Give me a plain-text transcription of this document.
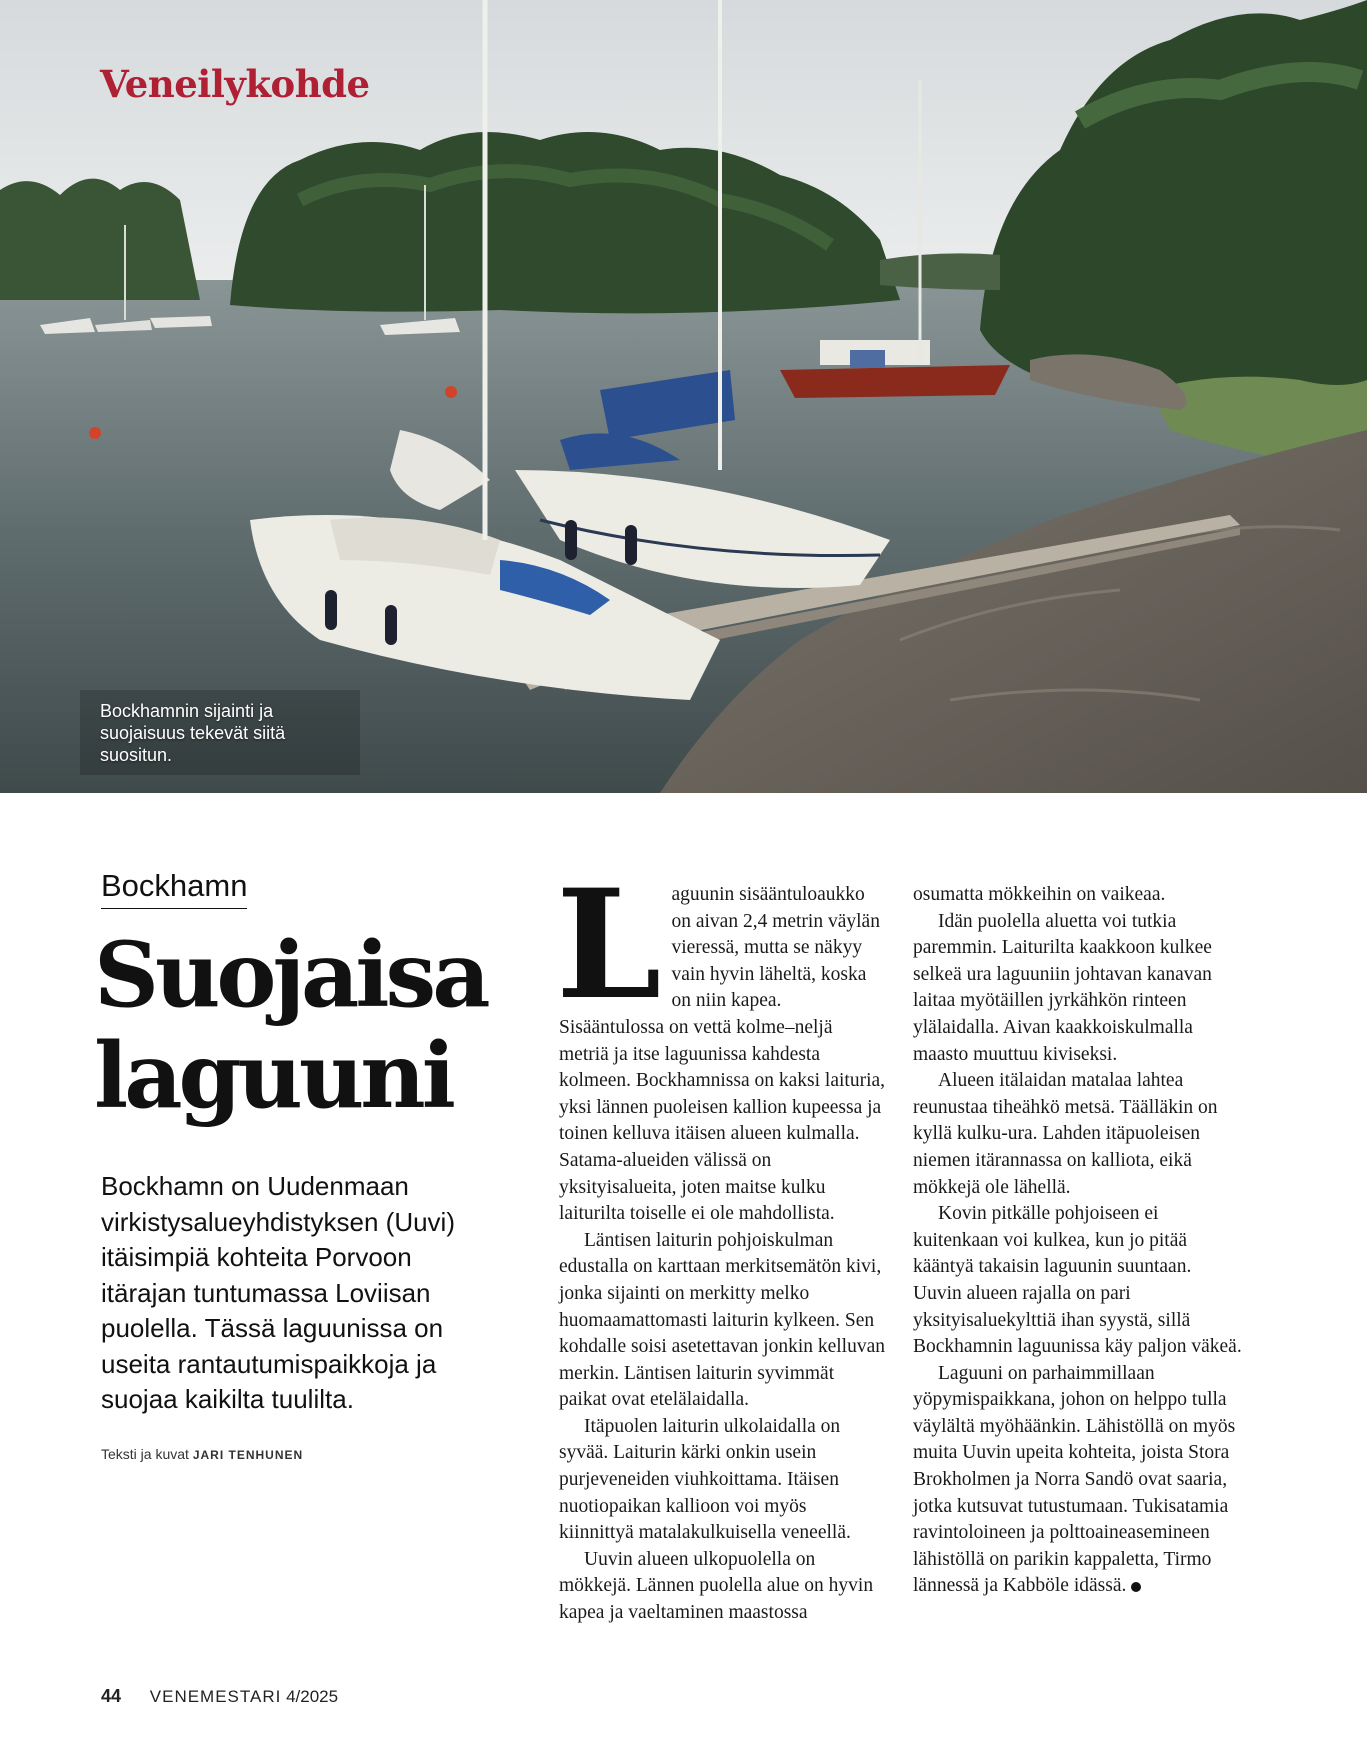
Veneilykohde
Bockhamnin sijainti ja suojaisuus tekevät siitä suositun.
Bockhamn
Suojaisa
laguuni

Bockhamn on Uudenmaan virkistysalueyhdistyksen (Uuvi) itäisimpiä kohteita Porvoon itärajan tuntumassa Loviisan puolella. Tässä laguunissa on useita rantautumispaikkoja ja suojaa kaikilta tuulilta.

Teksti ja kuvat JARI TENHUNEN
L aguunin sisääntuloaukko on aivan 2,4 metrin väylän vieressä, mutta se näkyy vain hyvin läheltä, koska on niin kapea. Sisääntulossa on vettä kolme–neljä metriä ja itse laguunissa kahdesta kolmeen. Bockhamnissa on kaksi laituria, yksi lännen puoleisen kallion kupeessa ja toinen kelluva itäisen alueen kulmalla. Satama-alueiden välissä on yksityisalueita, joten maitse kulku laiturilta toiselle ei ole mahdollista.

Läntisen laiturin pohjoiskulman edustalla on karttaan merkitsemätön kivi, jonka sijainti on merkitty melko huomaamattomasti laiturin kylkeen. Sen kohdalle soisi asetettavan jonkin kelluvan merkin. Läntisen laiturin syvimmät paikat ovat etelälaidalla.

Itäpuolen laiturin ulkolaidalla on syvää. Laiturin kärki onkin usein purjeveneiden viuhkoittama. Itäisen nuotiopaikan kallioon voi myös kiinnittyä matalakulkuisella veneellä.

Uuvin alueen ulkopuolella on mökkejä. Lännen puolella alue on hyvin kapea ja vaeltaminen maastossa

osumatta mökkeihin on vaikeaa.

Idän puolella aluetta voi tutkia paremmin. Laiturilta kaakkoon kulkee selkeä ura laguuniin johtavan kanavan laitaa myötäillen jyrkähkön rinteen ylälaidalla. Aivan kaakkoiskulmalla maasto muuttuu kiviseksi.

Alueen itälaidan matalaa lahtea reunustaa tiheähkö metsä. Täälläkin on kyllä kulku-ura. Lahden itäpuoleisen niemen itärannassa on kalliota, eikä mökkejä ole lähellä.

Kovin pitkälle pohjoiseen ei kuitenkaan voi kulkea, kun jo pitää kääntyä takaisin laguunin suuntaan. Uuvin alueen rajalla on pari yksityisaluekylttiä ihan syystä, sillä Bockhamnin laguunissa käy paljon väkeä.

Laguuni on parhaimmillaan yöpymispaikkana, johon on helppo tulla väylältä myöhäänkin. Lähistöllä on myös muita Uuvin upeita kohteita, joista Stora Brokholmen ja Norra Sandö ovat saaria, jotka kutsuvat tutustumaan. Tukisatamia ravintoloineen ja polttoaineasemineen lähistöllä on parikin kappaletta, Tirmo lännessä ja Kabböle idässä.

44 VENEMESTARI 4/2025
